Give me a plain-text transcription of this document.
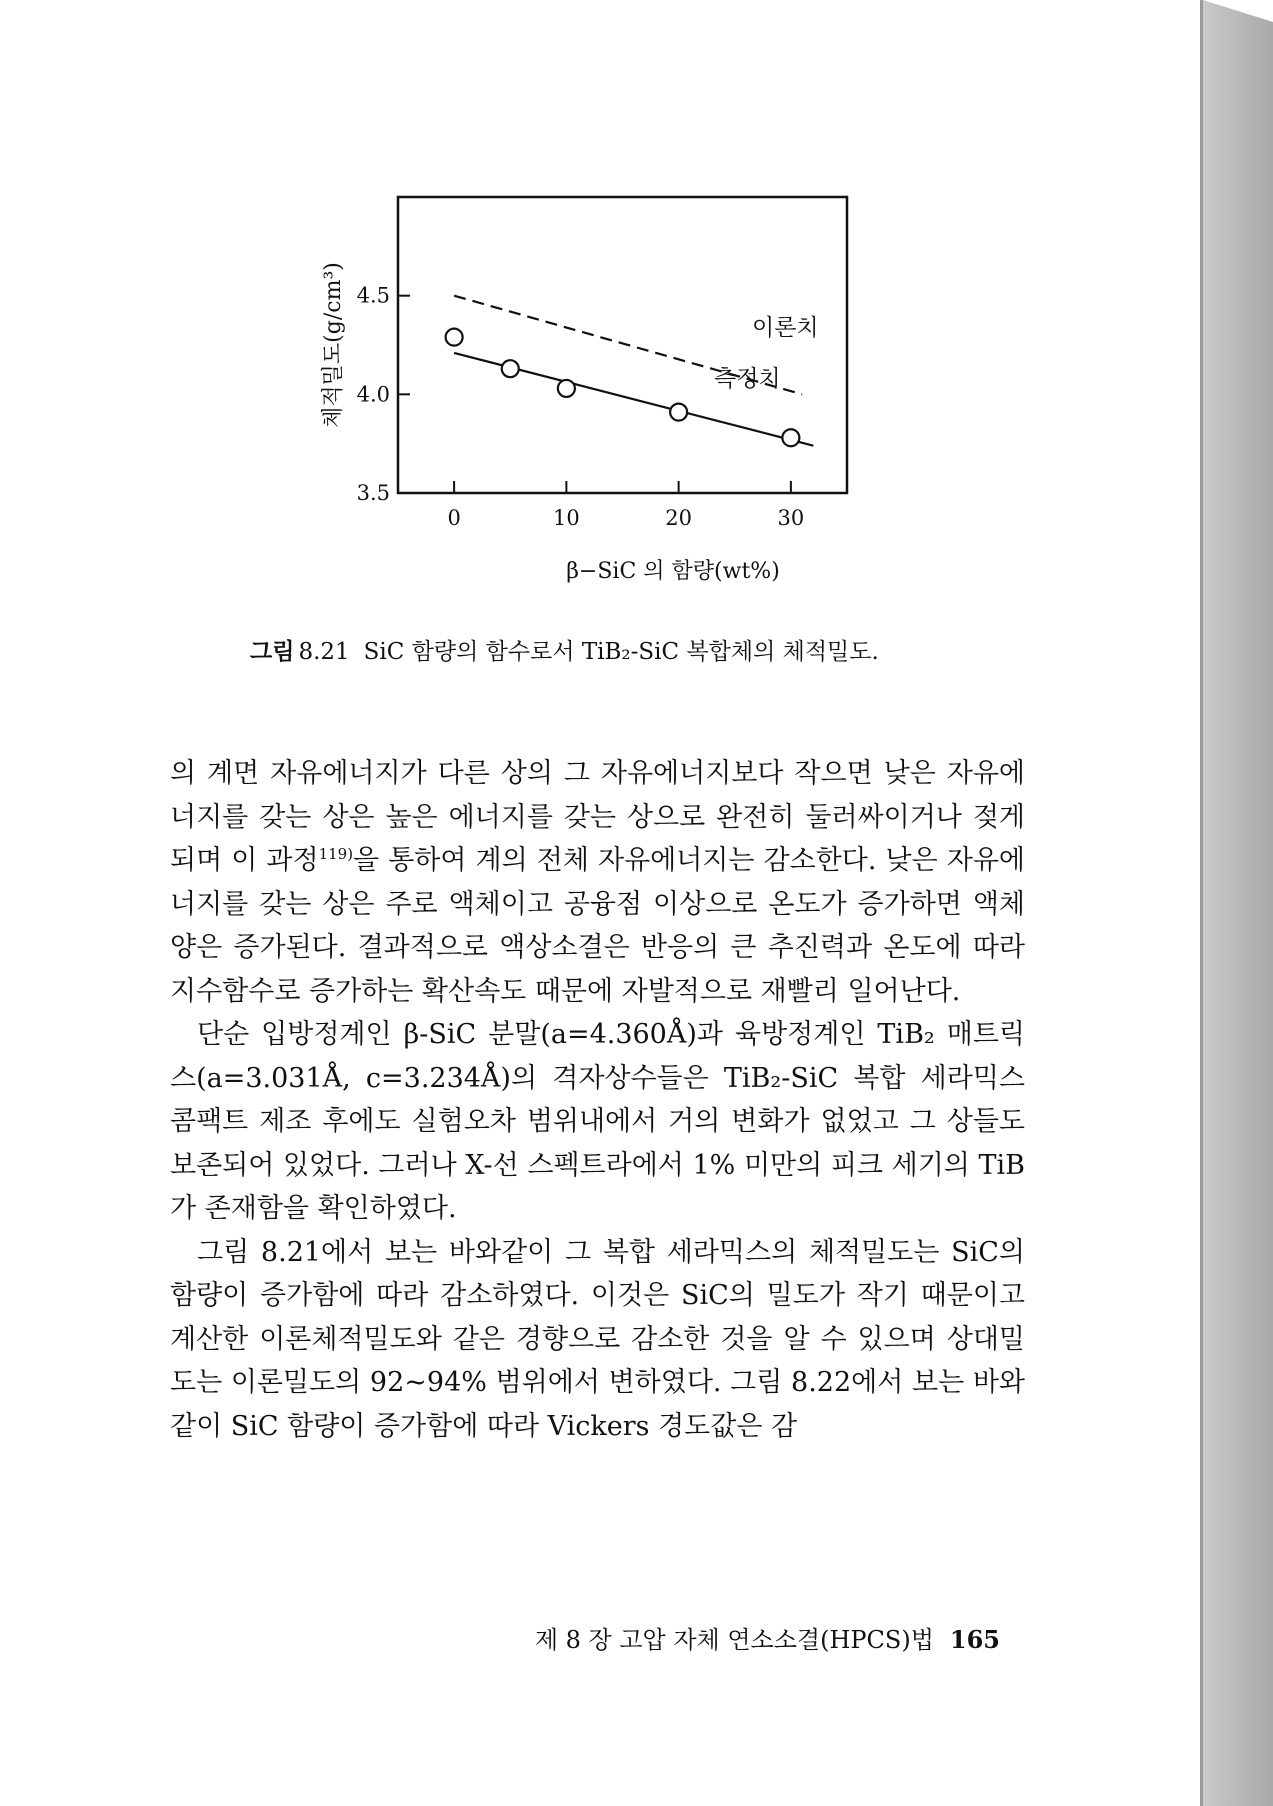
3.5
4.0
4.5
0	10	20	30
이론치
측정치
β−SiC 의 함량(wt%)
체적밀도(g/cm³)
그림 8.21 SiC 함량의 함수로서 TiB₂-SiC 복합체의 체적밀도.

의 계면 자유에너지가 다른 상의 그 자유에너지보다 작으면 낮은 자유에너지를 갖는 상은 높은 에너지를 갖는 상으로 완전히 둘러싸이거나 젖게 되며 이 과정$^{119)}$을 통하여 계의 전체 자유에너지는 감소한다. 낮은 자유에너지를 갖는 상은 주로 액체이고 공융점 이상으로 온도가 증가하면 액체 양은 증가된다. 결과적으로 액상소결은 반응의 큰 추진력과 온도에 따라 지수함수로 증가하는 확산속도 때문에 자발적으로 재빨리 일어난다.

단순 입방정계인 β-SiC 분말(a=4.360Å)과 육방정계인 TiB₂ 매트릭스(a=3.031Å, c=3.234Å)의 격자상수들은 TiB₂-SiC 복합 세라믹스 콤팩트 제조 후에도 실험오차 범위내에서 거의 변화가 없었고 그 상들도 보존되어 있었다. 그러나 X-선 스펙트라에서 1% 미만의 피크 세기의 TiB가 존재함을 확인하였다.

그림 8.21에서 보는 바와같이 그 복합 세라믹스의 체적밀도는 SiC의 함량이 증가함에 따라 감소하였다. 이것은 SiC의 밀도가 작기 때문이고 계산한 이론체적밀도와 같은 경향으로 감소한 것을 알 수 있으며 상대밀도는 이론밀도의 92~94% 범위에서 변하였다. 그림 8.22에서 보는 바와같이 SiC 함량이 증가함에 따라 Vickers 경도값은 감

제 8 장 고압 자체 연소소결(HPCS)법 165
